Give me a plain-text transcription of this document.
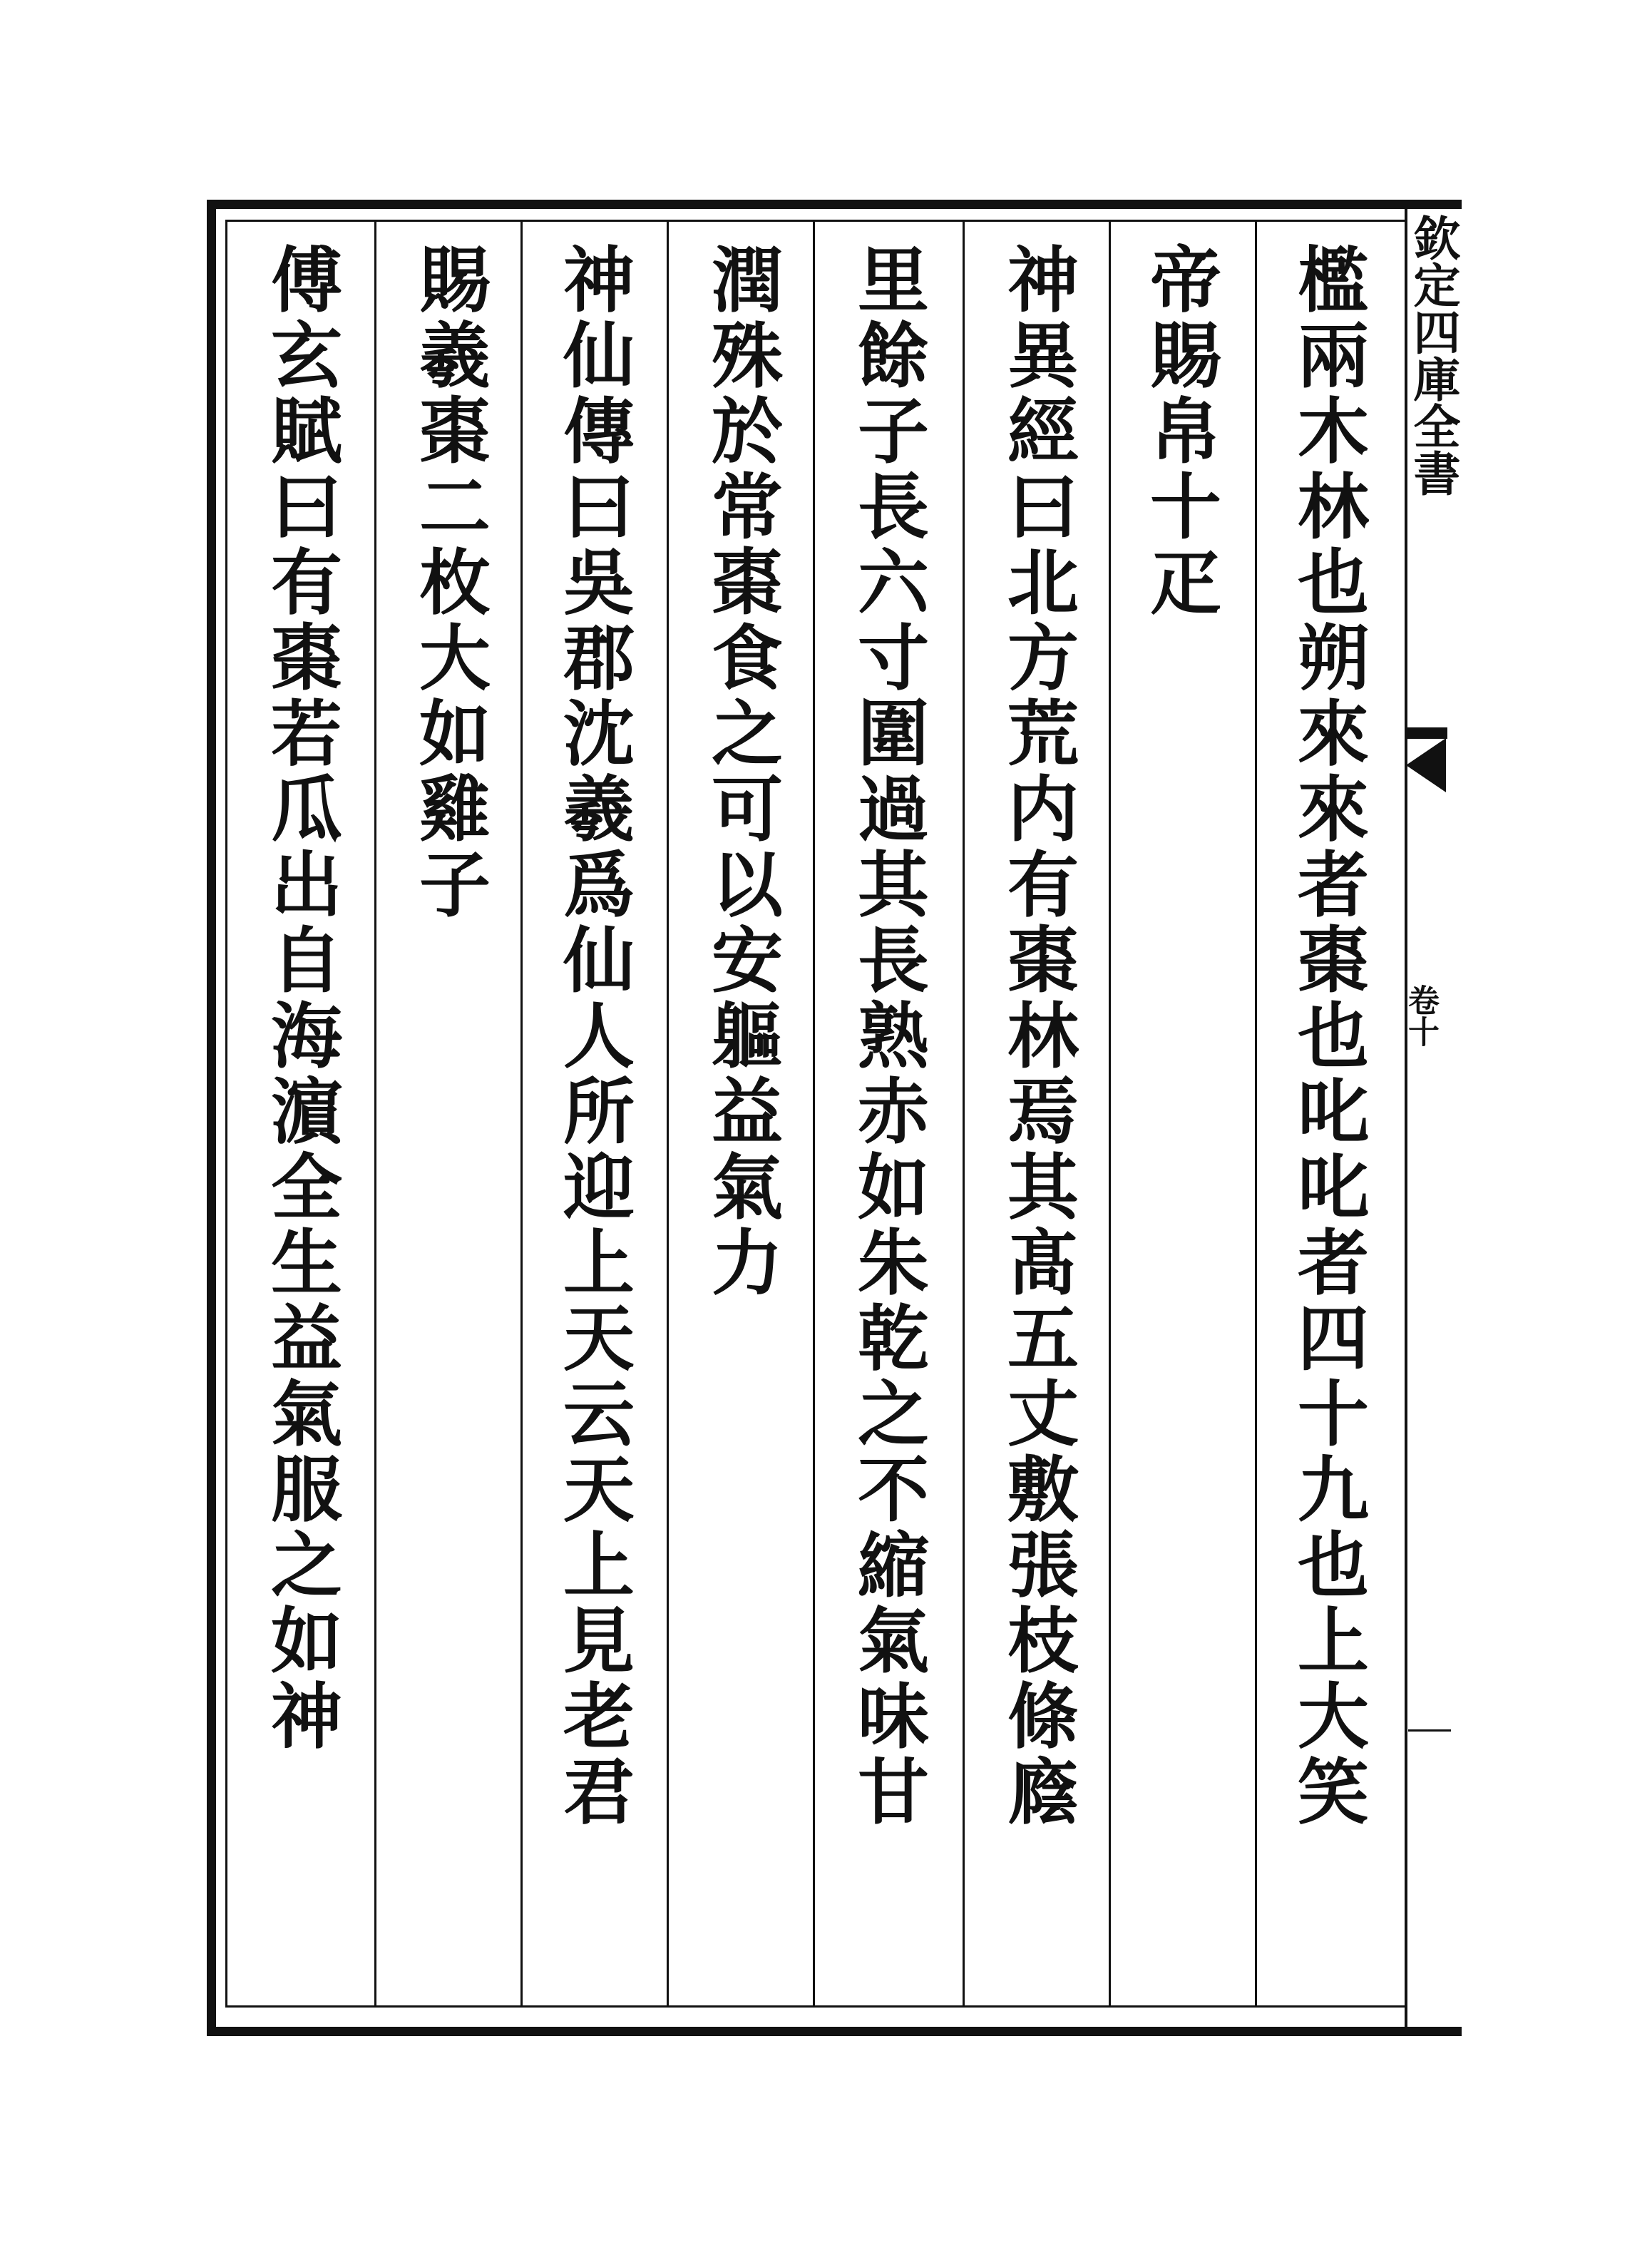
檻兩木林也朔來來者棗也叱叱者四十九也上大笑
帝賜帛十疋
神異經曰北方荒内有棗林焉其髙五丈敷張枝條廕
里餘子長六寸圍過其長熟赤如朱乾之不縮氣味甘
潤殊於常棗食之可以安軀益氣力
神仙傳曰吳郡沈羲爲仙人所迎上天云天上見老君
賜羲棗二枚大如雞子
傅玄賦曰有棗若瓜出自海濵全生益氣服之如神	欽定四庫全書
卷十
